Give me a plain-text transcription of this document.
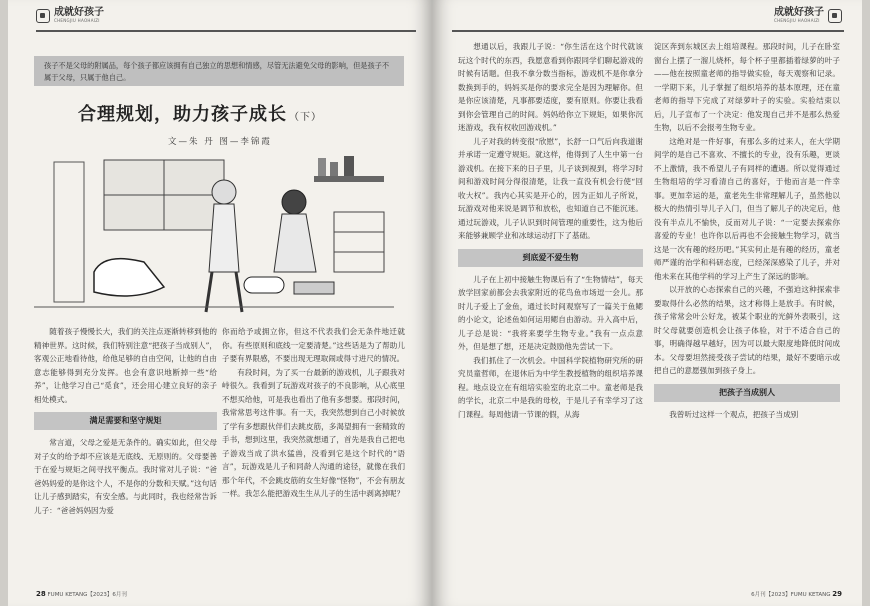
成就好孩子
CHENGJIU HAOHAIZI
孩子不是父母的附属品，每个孩子都应该拥有自己独立的思想和情感，尽管无法避免父母的影响，但是孩子不属于父母，只属于他自己。
合理规划，助力孩子成长 （下）
文—朱 丹 图—李锦霞

随着孩子慢慢长大，我们的关注点逐渐转移到他的精神世界。这时候，我们特别注意“把孩子当成别人”，客观公正地看待他，给他足够的自由空间，让他的自由意志能够得到充分发挥。也会有意识地断掉一些“给养”，让他学习自己“觅食”，还会用心建立良好的亲子相处模式。

满足需要和坚守规矩

常言道，父母之爱是无条件的。确实如此，但父母对子女的给予却不应该是无底线、无原则的。父母要善于在爱与规矩之间寻找平衡点。我时常对儿子说：“爸爸妈妈爱的是你这个人，不是你的分数和天赋。”这句话让儿子感到踏实，有安全感。与此同时，我也经常告诉儿子：“爸爸妈妈因为爱

你而给予或拥立你，但这不代表我们会无条件地迁就你。有些原则和底线一定要清楚。”这些话是为了帮助儿子要有界限感，不要出现无理取闹或得寸进尺的情况。

有段时间，为了买一台最新的游戏机，儿子跟我对峙很久。我看到了玩游戏对孩子的不良影响，从心底里不想买给他，可是我也看出了他有多想要。那段时间，我常常思考这件事。有一天，我突然想到自己小时候放了学有多想跟伙伴们去跳皮筋，多渴望拥有一套精致的手书，想到这里，我突然就想通了，首先是我自己把电子游戏当成了洪水猛兽，没看到它是这个时代的“语言”，玩游戏是儿子和同龄人沟通的途径，就像在我们那个年代，不会跳皮筋的女生好像“怪物”，不会有朋友一样。我怎么能把游戏生生从儿子的生活中剥离掉呢？

28 FUMU KETANG【2023】6月刊
成就好孩子
CHENGJIU HAOHAIZI

想通以后，我跟儿子说：“你生活在这个时代就该玩这个时代的东西，我愿意看到你跟同学们聊起游戏的时候有话题。但我不拿分数当指标，游戏机不是你拿分数换到手的，妈妈买是你的要求完全是因为理解你。但是你应该清楚，凡事都要适度，要有原则。你要让我看到你会管理自己的时间。妈妈给你立下规矩，如果你沉迷游戏，我有权收回游戏机。”

儿子对我的转变很“欣慰”，长舒一口气后向我道谢并承诺一定遵守规矩。就这样，他得到了人生中第一台游戏机。在接下来的日子里，儿子谈到视到，将学习时间和游戏时间分得很清楚，让我一直没有机会行使“回收大权”。我内心其实是开心的，因为正如儿子所说，玩游戏对他来说是调节和放松，也知道自己不能沉迷。通过玩游戏，儿子认识到时间管理的重要性，这为他后来能够兼顾学业和冰球运动打下了基础。

到底爱不爱生物

儿子在上初中接触生物课后有了“生物情结”，每天放学回家前都会去我家附近的花鸟鱼市场逗一会儿。那时儿子爱上了金鱼，通过长时间观察写了一篇关于鱼鳃的小论文，论述鱼如何运用鳃自由游动。升入高中后，儿子总是说：“我将来要学生物专业。”我有一点点意外，但是想了想，还是决定鼓励他先尝试一下。

我们抓住了一次机会。中国科学院植物研究所的研究员童哲师，在退休后为中学生教授植物的组织培养课程。地点设立在有组培实验室的北京二中。童老师是我的学长，北京二中是我的母校，于是儿子有幸学习了这门课程。每周他请一节课的假，从海

淀区奔到东城区去上组培课程。那段时间，儿子在卧室窗台上摆了一溜儿烧杯，每个杯子里都插着绿萝的叶子——他在按照童老师的指导做实验，每天观察和记录。一学期下来，儿子掌握了组织培养的基本原理，还在童老师的指导下完成了对绿萝叶子的实验。实验结束以后，儿子宣布了一个决定：他发现自己并不是那么热爱生物，以后不会报考生物专业。

这绝对是一件好事，有那么多的过来人，在大学期间学的是自己不喜欢、不擅长的专业，没有乐趣，更谈不上激情，我不希望儿子有同样的遭遇。所以觉得通过生物组培的学习看清自己的喜好，于他而言是一件幸事。更加幸运的是，童老先生非常理解儿子，虽然他以极大的热情引导儿子入门，但当了解儿子的决定后，他没有半点儿不愉快，反而对儿子说：“一定要去探索你喜爱的专业！也许你以后再也不会接触生物学习，就当这是一次有趣的经历吧。”其实何止是有趣的经历，童老师严谨的治学和科研态度，已经深深感染了儿子，并对他未来在其他学科的学习上产生了深远的影响。

以开放的心态探索自己的兴趣，不强迫这种探索非要取得什么必然的结果，这才称得上是放手。有时候，孩子常常会叶公好龙，被某个职业的光鲜外表吸引，这时父母就要创造机会让孩子体验，对于不适合自己的事，明确得越早越好，因为可以最大限度地降低时间成本。父母要坦然接受孩子尝试的结果，最好不要暗示或把自己的意愿强加到孩子身上。

把孩子当成别人

我曾听过这样一个观点，把孩子当成别

6月刊【2023】FUMU KETANG 29
